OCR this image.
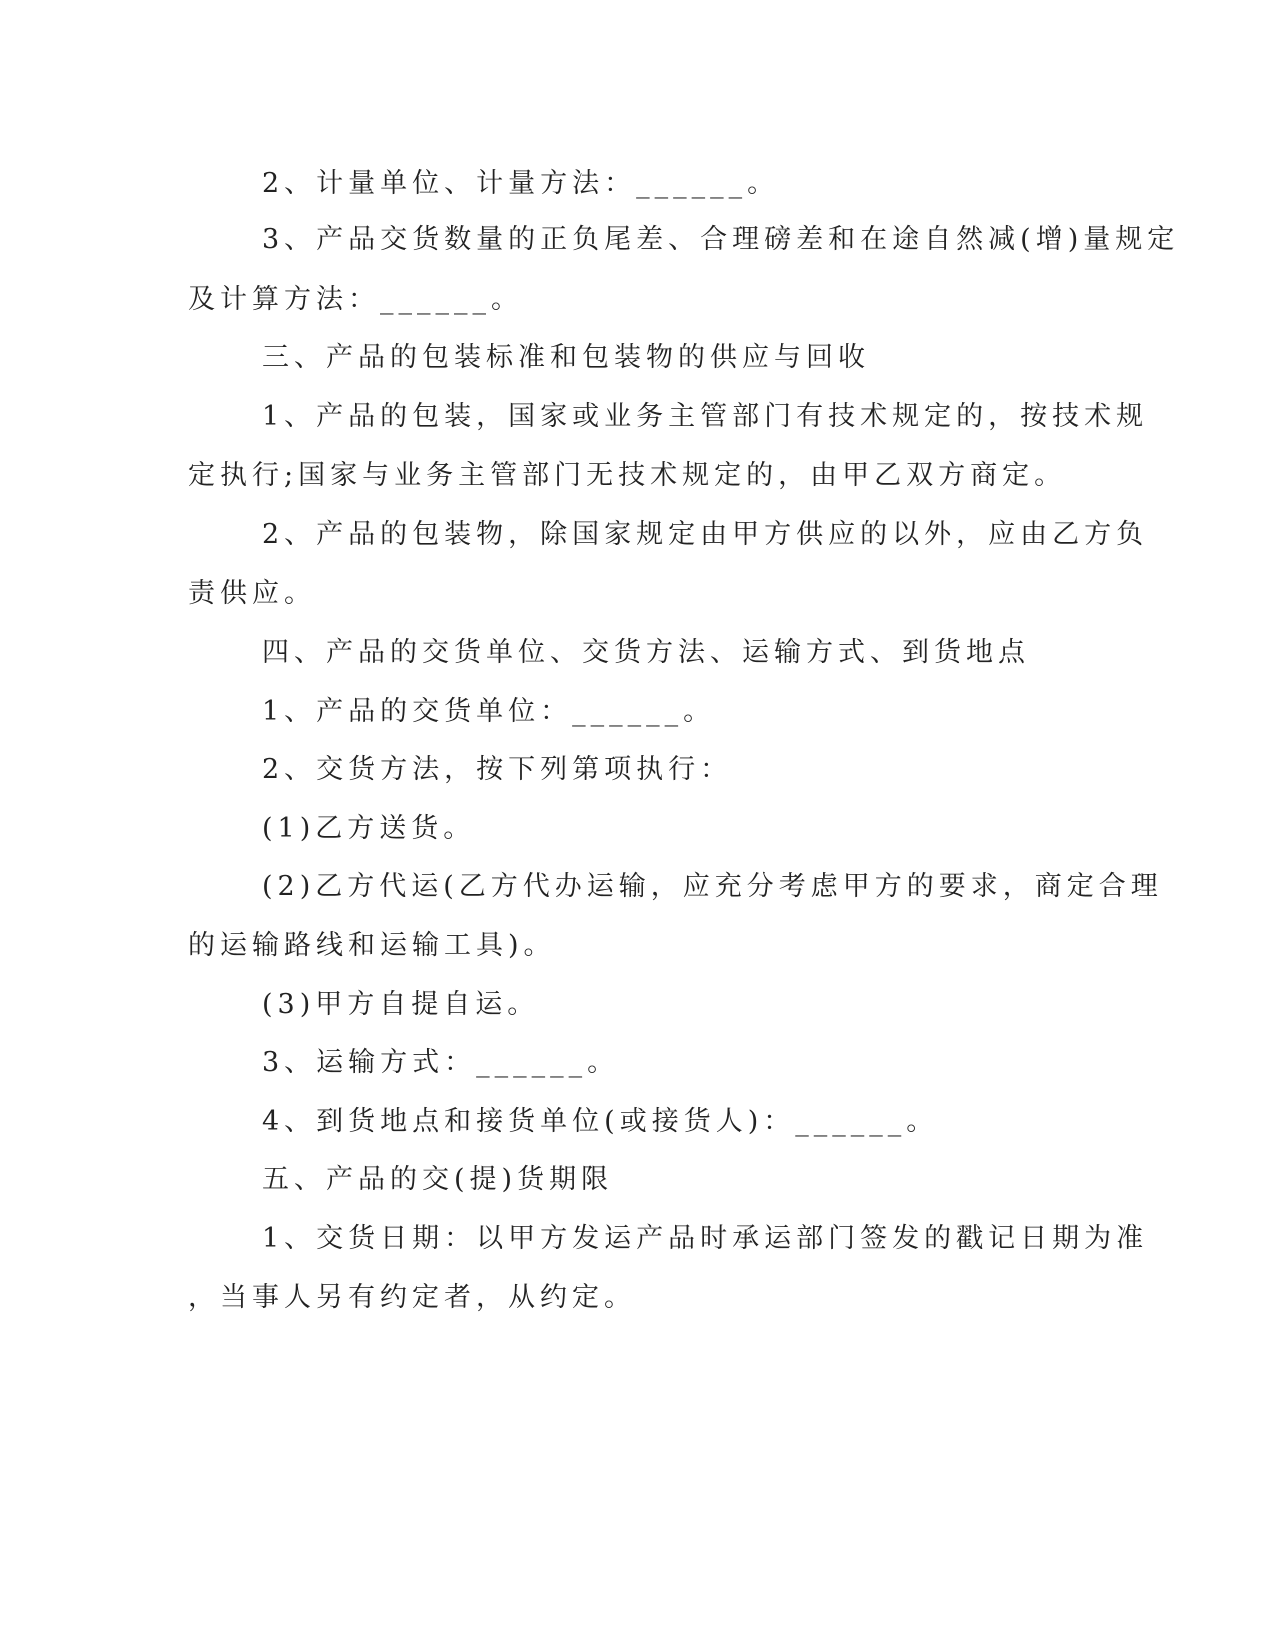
2、计量单位、计量方法：______。
3、产品交货数量的正负尾差、合理磅差和在途自然减(增)量规定
及计算方法：______。
三、产品的包装标准和包装物的供应与回收
1、产品的包装，国家或业务主管部门有技术规定的，按技术规
定执行;国家与业务主管部门无技术规定的，由甲乙双方商定。
2、产品的包装物，除国家规定由甲方供应的以外，应由乙方负
责供应。
四、产品的交货单位、交货方法、运输方式、到货地点
1、产品的交货单位：______。
2、交货方法，按下列第项执行：
(1)乙方送货。
(2)乙方代运(乙方代办运输，应充分考虑甲方的要求，商定合理
的运输路线和运输工具)。
(3)甲方自提自运。
3、运输方式：______。
4、到货地点和接货单位(或接货人)：______。
五、产品的交(提)货期限
1、交货日期：以甲方发运产品时承运部门签发的戳记日期为准
，当事人另有约定者，从约定。
